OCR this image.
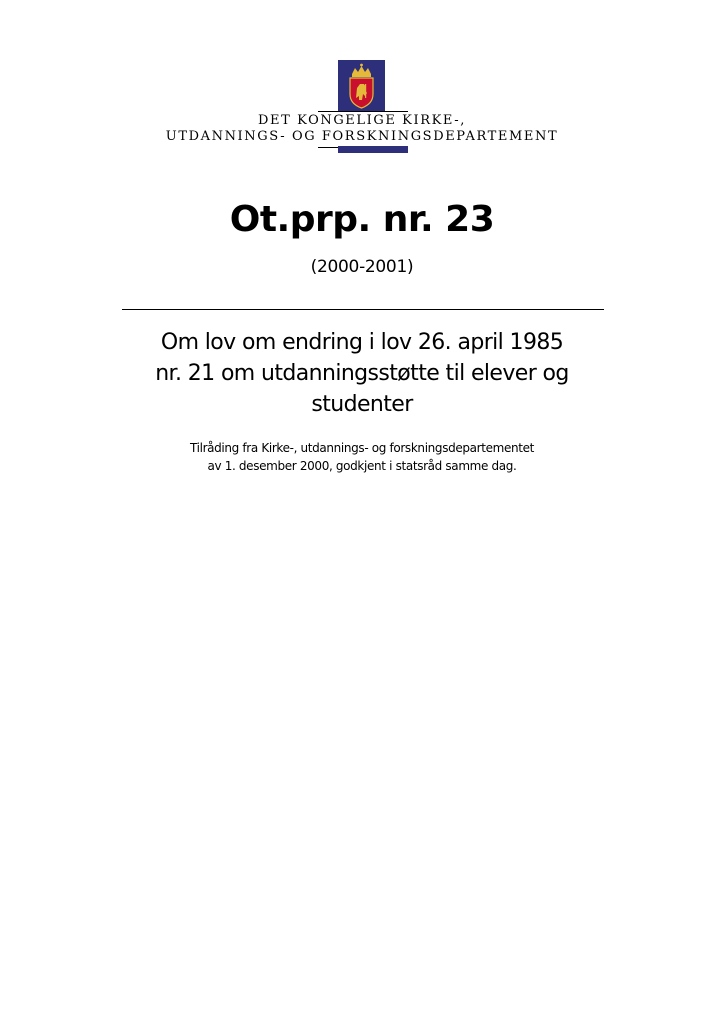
DET KONGELIGE KIRKE-,
UTDANNINGS- OG FORSKNINGSDEPARTEMENT
Ot.prp. nr. 23
(2000-2001)
Om lov om endring i lov 26. april 1985
nr. 21 om utdanningsstøtte til elever og
studenter
Tilråding fra Kirke-, utdannings- og forskningsdepartementet
av 1. desember 2000, godkjent i statsråd samme dag.
